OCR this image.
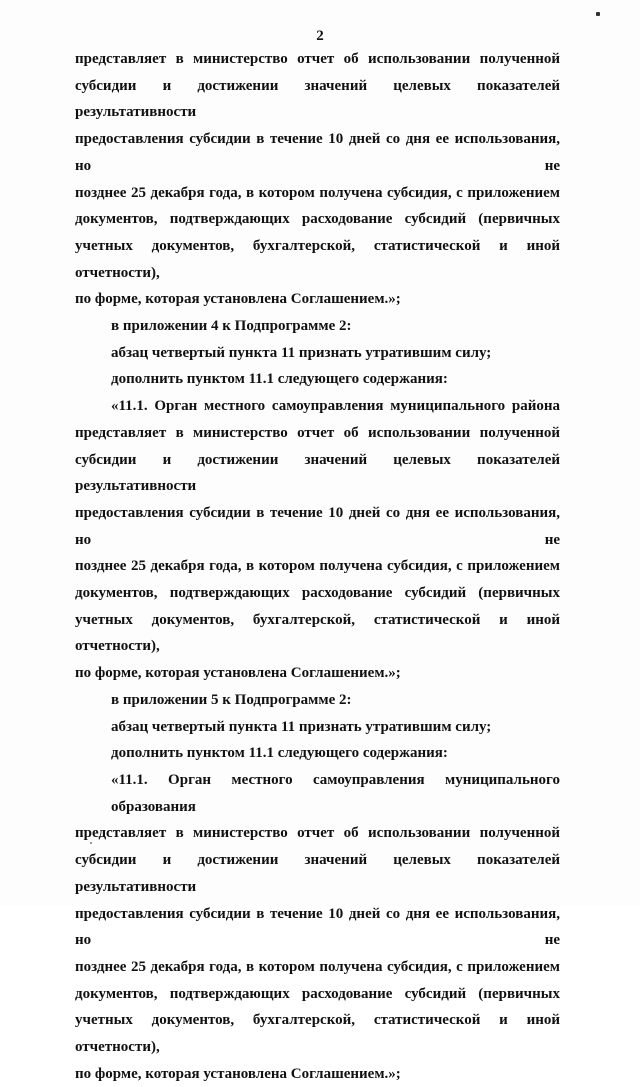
2
представляет в министерство отчет об использовании полученной
субсидии и достижении значений целевых показателей результативности
предоставления субсидии в течение 10 дней со дня ее использования, но не
позднее 25 декабря года, в котором получена субсидия, с приложением
документов, подтверждающих расходование субсидий (первичных
учетных документов, бухгалтерской, статистической и иной отчетности),
по форме, которая установлена Соглашением.»;
в приложении 4 к Подпрограмме 2:
абзац четвертый пункта 11 признать утратившим силу;
дополнить пунктом 11.1 следующего содержания:
«11.1. Орган местного самоуправления муниципального района
представляет в министерство отчет об использовании полученной
субсидии и достижении значений целевых показателей результативности
предоставления субсидии в течение 10 дней со дня ее использования, но не
позднее 25 декабря года, в котором получена субсидия, с приложением
документов, подтверждающих расходование субсидий (первичных
учетных документов, бухгалтерской, статистической и иной отчетности),
по форме, которая установлена Соглашением.»;
в приложении 5 к Подпрограмме 2:
абзац четвертый пункта 11 признать утратившим силу;
дополнить пунктом 11.1 следующего содержания:
«11.1. Орган местного самоуправления муниципального образования
представляет в министерство отчет об использовании полученной
субсидии и достижении значений целевых показателей результативности
предоставления субсидии в течение 10 дней со дня ее использования, но не
позднее 25 декабря года, в котором получена субсидия, с приложением
документов, подтверждающих расходование субсидий (первичных
учетных документов, бухгалтерской, статистической и иной отчетности),
по форме, которая установлена Соглашением.»;
